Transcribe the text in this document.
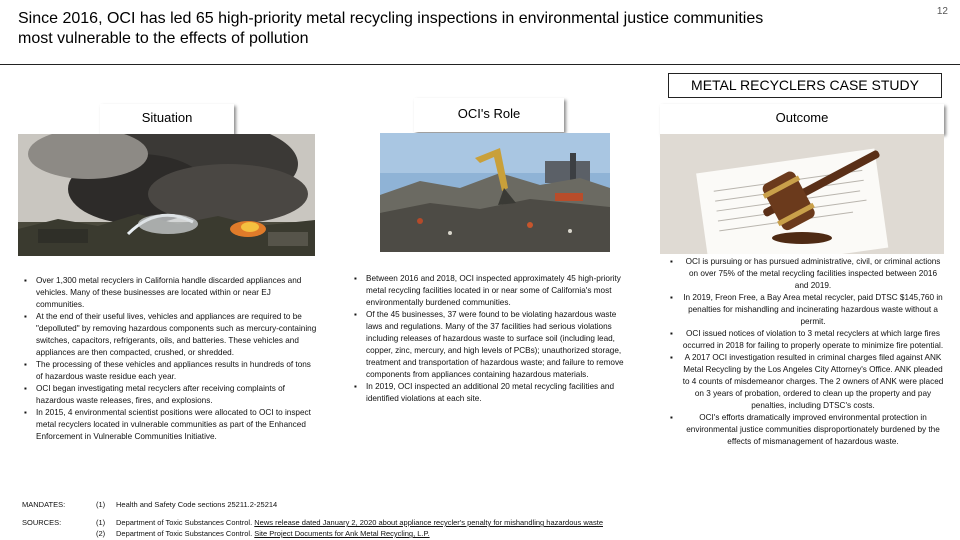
Since 2016, OCI has led 65 high-priority metal recycling inspections in environmental justice communities
most vulnerable to the effects of pollution
12
METAL RECYCLERS CASE STUDY
Situation	OCI's Role	Outcome
▪ Over 1,300 metal recyclers in California handle discarded appliances and vehicles. Many of these businesses are located within or near EJ communities.
▪ At the end of their useful lives, vehicles and appliances are required to be "depolluted" by removing hazardous components such as mercury-containing switches, capacitors, refrigerants, oils, and batteries. These vehicles and appliances are then compacted, crushed, or shredded.
▪ The processing of these vehicles and appliances results in hundreds of tons of hazardous waste residue each year.
▪ OCI began investigating metal recyclers after receiving complaints of hazardous waste releases, fires, and explosions.
▪ In 2015, 4 environmental scientist positions were allocated to OCI to inspect metal recyclers located in vulnerable communities as part of the Enhanced Enforcement in Vulnerable Communities Initiative.
▪ Between 2016 and 2018, OCI inspected approximately 45 high-priority metal recycling facilities located in or near some of California's most environmentally burdened communities.
▪ Of the 45 businesses, 37 were found to be violating hazardous waste laws and regulations. Many of the 37 facilities had serious violations including releases of hazardous waste to surface soil (including lead, copper, zinc, mercury, and high levels of PCBs); unauthorized storage, treatment and transportation of hazardous waste; and failure to remove components from appliances containing hazardous materials.
▪ In 2019, OCI inspected an additional 20 metal recycling facilities and identified violations at each site.
▪ OCI is pursuing or has pursued administrative, civil, or criminal actions on over 75% of the metal recycling facilities inspected between 2016 and 2019.
▪ In 2019, Freon Free, a Bay Area metal recycler, paid DTSC $145,760 in penalties for mishandling and incinerating hazardous waste without a permit.
▪ OCI issued notices of violation to 3 metal recyclers at which large fires occurred in 2018 for failing to properly operate to minimize fire potential.
▪ A 2017 OCI investigation resulted in criminal charges filed against ANK Metal Recycling by the Los Angeles City Attorney's Office. ANK pleaded to 4 counts of misdemeanor charges. The 2 owners of ANK were placed on 3 years of probation, ordered to clean up the property and pay penalties, including DTSC's costs.
▪ OCI's efforts dramatically improved environmental protection in environmental justice communities disproportionately burdened by the effects of mismanagement of hazardous waste.
MANDATES:	(1) Health and Safety Code sections 25211.2-25214
SOURCES:	(1) Department of Toxic Substances Control. News release dated January 2, 2020 about appliance recycler's penalty for mishandling hazardous waste
(2) Department of Toxic Substances Control. Site Project Documents for Ank Metal Recycling, L.P.
